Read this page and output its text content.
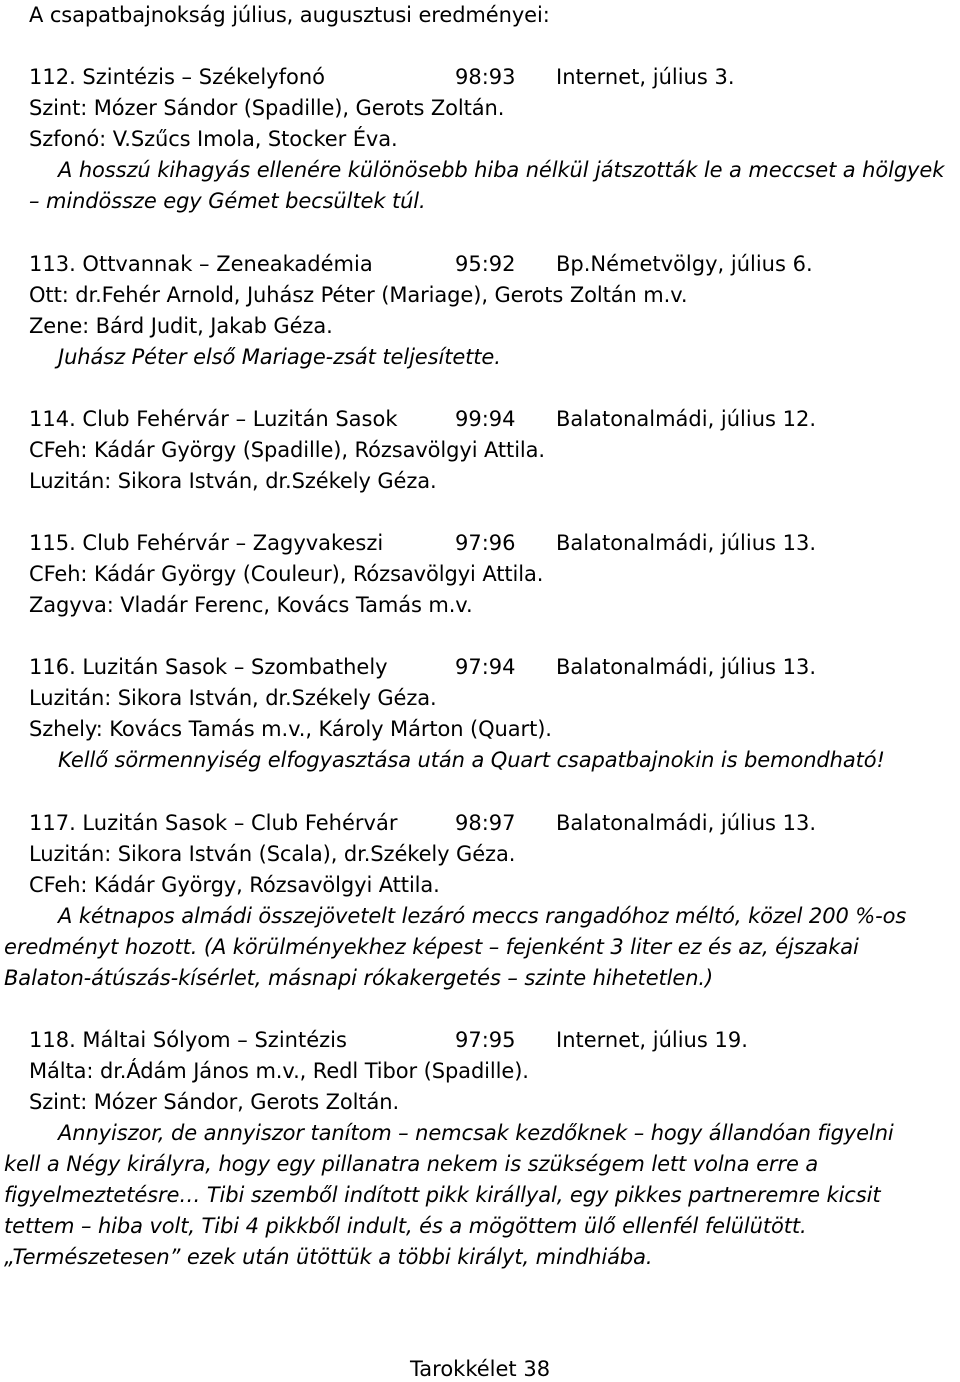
A csapatbajnokság július, augusztusi eredményei:
112. Szintézis – Székelyfonó	98:93 Internet, július 3.
Szint: Mózer Sándor (Spadille), Gerots Zoltán.
Szfonó: V.Szűcs Imola, Stocker Éva.
A hosszú kihagyás ellenére különösebb hiba nélkül játszották le a meccset a hölgyek
– mindössze egy Gémet becsültek túl.
113. Ottvannak – Zeneakadémia	95:92 Bp.Németvölgy, július 6.
Ott: dr.Fehér Arnold, Juhász Péter (Mariage), Gerots Zoltán m.v.
Zene: Bárd Judit, Jakab Géza.
Juhász Péter első Mariage-zsát teljesítette.
114. Club Fehérvár – Luzitán Sasok	99:94 Balatonalmádi, július 12.
CFeh: Kádár György (Spadille), Rózsavölgyi Attila.
Luzitán: Sikora István, dr.Székely Géza.
115. Club Fehérvár – Zagyvakeszi	97:96 Balatonalmádi, július 13.
CFeh: Kádár György (Couleur), Rózsavölgyi Attila.
Zagyva: Vladár Ferenc, Kovács Tamás m.v.
116. Luzitán Sasok – Szombathely	97:94 Balatonalmádi, július 13.
Luzitán: Sikora István, dr.Székely Géza.
Szhely: Kovács Tamás m.v., Károly Márton (Quart).
Kellő sörmennyiség elfogyasztása után a Quart csapatbajnokin is bemondható!
117. Luzitán Sasok – Club Fehérvár	98:97 Balatonalmádi, július 13.
Luzitán: Sikora István (Scala), dr.Székely Géza.
CFeh: Kádár György, Rózsavölgyi Attila.
A kétnapos almádi összejövetelt lezáró meccs rangadóhoz méltó, közel 200 %-os
eredményt hozott. (A körülményekhez képest – fejenként 3 liter ez és az, éjszakai
Balaton-átúszás-kísérlet, másnapi rókakergetés – szinte hihetetlen.)
118. Máltai Sólyom – Szintézis	97:95 Internet, július 19.
Málta: dr.Ádám János m.v., Redl Tibor (Spadille).
Szint: Mózer Sándor, Gerots Zoltán.
Annyiszor, de annyiszor tanítom – nemcsak kezdőknek – hogy állandóan figyelni
kell a Négy királyra, hogy egy pillanatra nekem is szükségem lett volna erre a
figyelmeztetésre… Tibi szemből indított pikk királlyal, egy pikkes partneremre kicsit
tettem – hiba volt, Tibi 4 pikkből indult, és a mögöttem ülő ellenfél felülütött.
„Természetesen” ezek után ütöttük a többi királyt, mindhiába.
Tarokkélet 38
